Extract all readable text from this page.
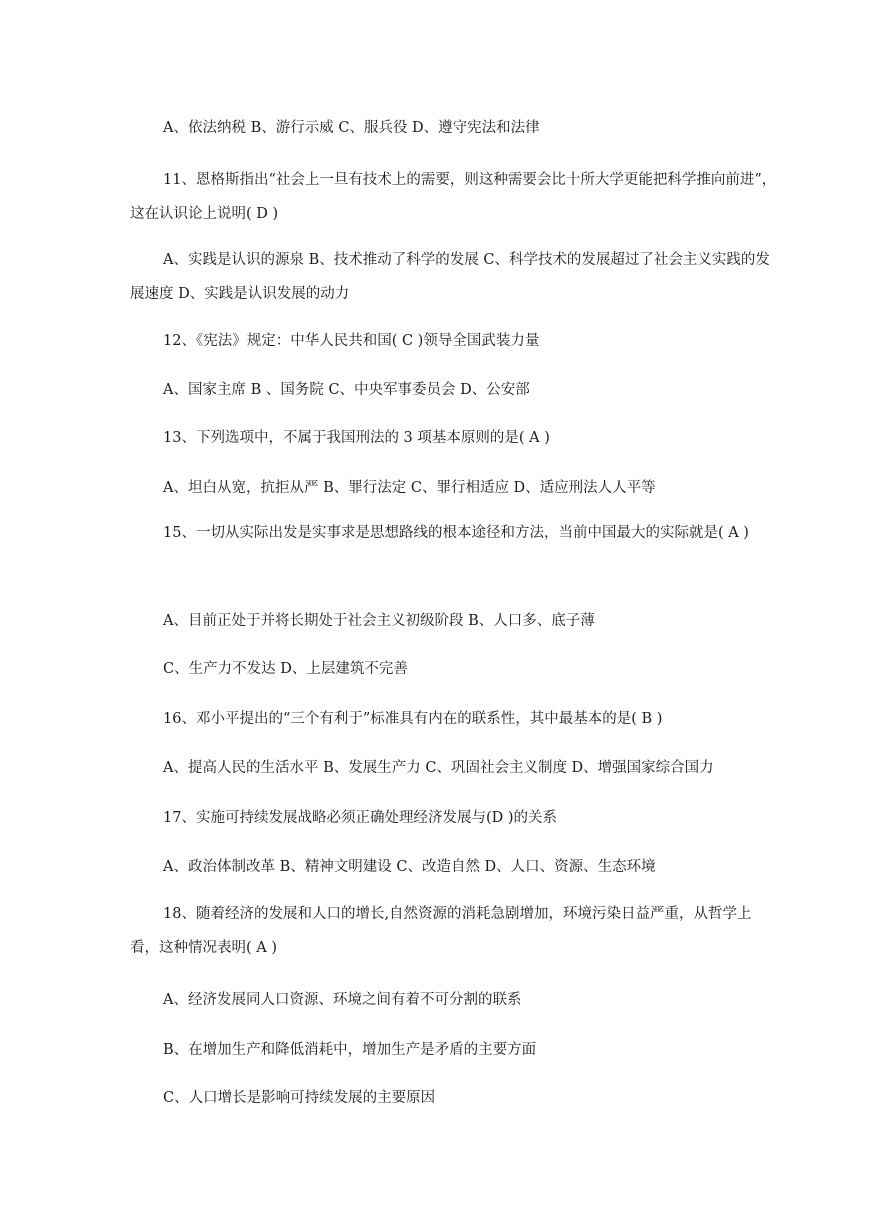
A、依法纳税 B、游行示威 C、服兵役 D、遵守宪法和法律
11、恩格斯指出“社会上一旦有技术上的需要，则这种需要会比十所大学更能把科学推向前进”，这在认识论上说明( D )
A、实践是认识的源泉 B、技术推动了科学的发展 C、科学技术的发展超过了社会主义实践的发展速度 D、实践是认识发展的动力
12、《宪法》规定：中华人民共和国( C )领导全国武装力量
A、国家主席 B 、国务院 C、中央军事委员会 D、公安部
13、下列选项中，不属于我国刑法的 3 项基本原则的是( A )
A、坦白从宽，抗拒从严 B、罪行法定 C、罪行相适应 D、适应刑法人人平等
15、一切从实际出发是实事求是思想路线的根本途径和方法，当前中国最大的实际就是( A )
A、目前正处于并将长期处于社会主义初级阶段 B、人口多、底子薄
C、生产力不发达 D、上层建筑不完善
16、邓小平提出的“三个有利于”标准具有内在的联系性，其中最基本的是( B )
A、提高人民的生活水平 B、发展生产力 C、巩固社会主义制度 D、增强国家综合国力
17、实施可持续发展战略必须正确处理经济发展与(D )的关系
A、政治体制改革 B、精神文明建设 C、改造自然 D、人口、资源、生态环境
18、随着经济的发展和人口的增长,自然资源的消耗急剧增加，环境污染日益严重，从哲学上看，这种情况表明( A )
A、经济发展同人口资源、环境之间有着不可分割的联系
B、在增加生产和降低消耗中，增加生产是矛盾的主要方面
C、人口增长是影响可持续发展的主要原因
